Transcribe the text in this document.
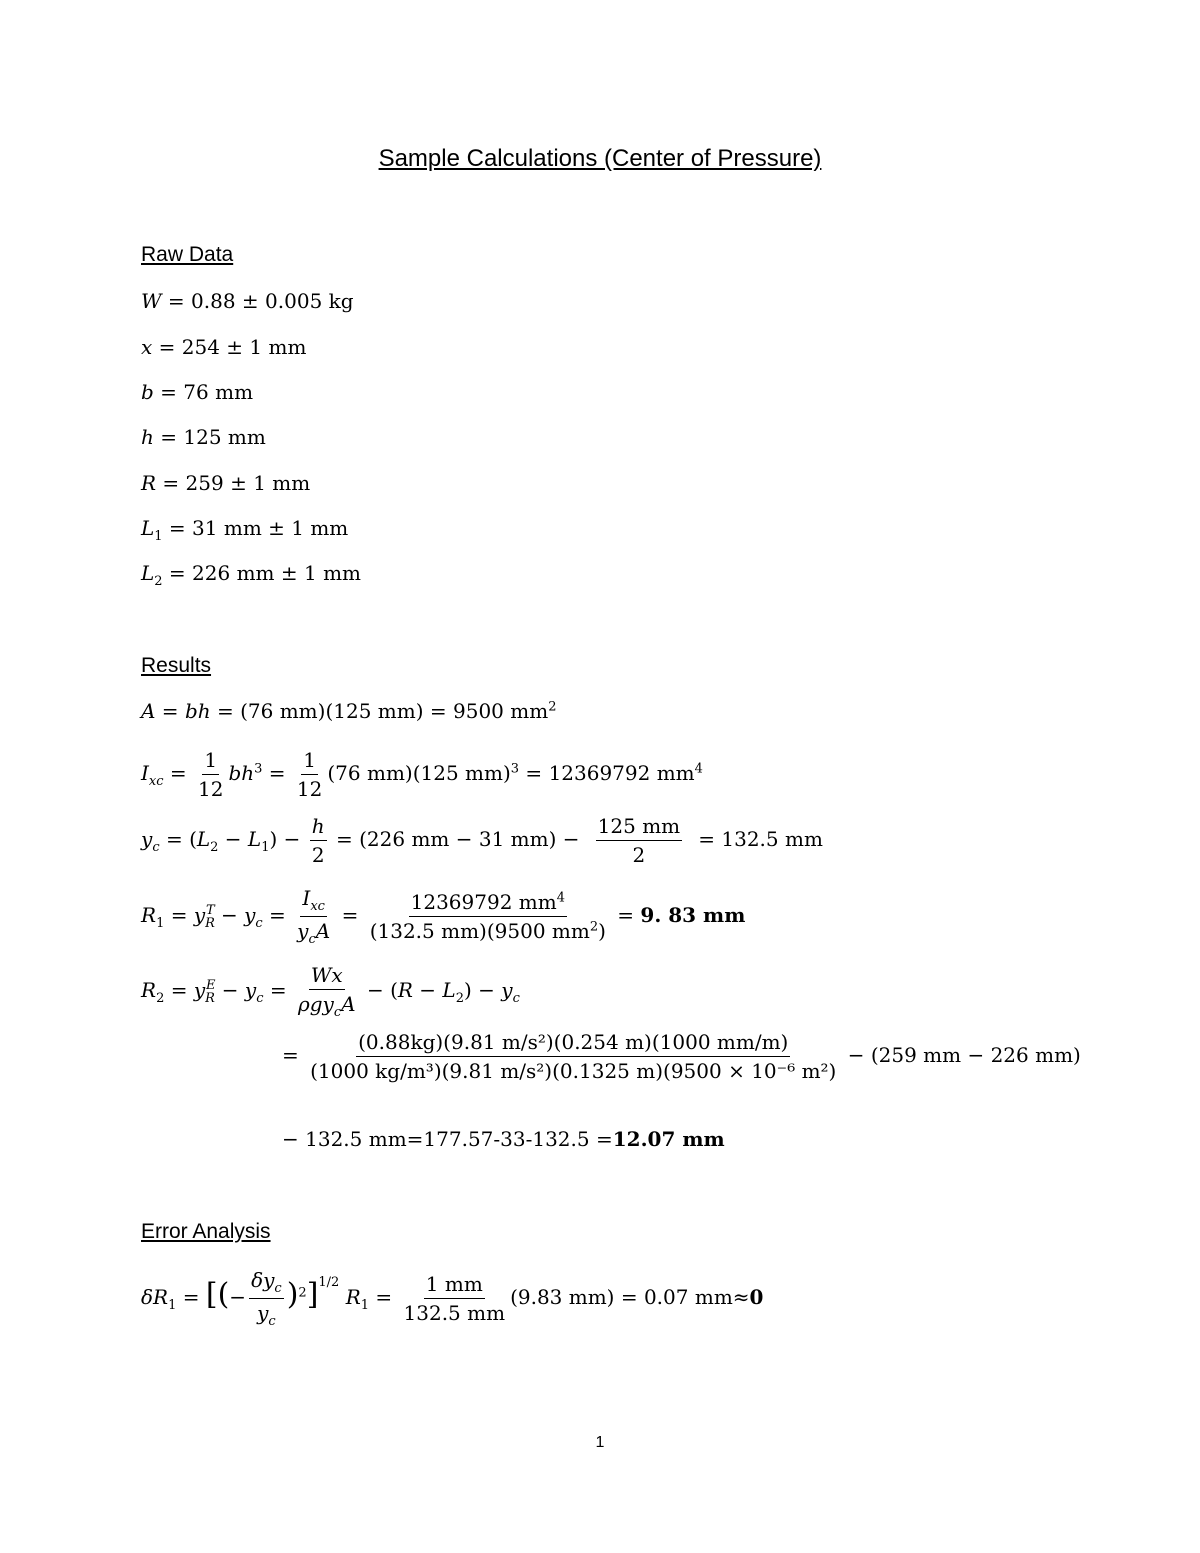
Sample Calculations (Center of Pressure)
Raw Data
W = 0.88 ± 0.005 kg
x = 254 ± 1 mm
b = 76 mm
h = 125 mm
R = 259 ± 1 mm
$L_1 = 31$ mm ± 1 mm
$L_2 = 226$ mm ± 1 mm
Results
A = bh = (76 mm)(125 mm) = 9500 $mm^2$
$I_{xc} = \frac{1}{12} bh^3 = \frac{1}{12} (76$ mm)(125 mm)$^3$ = 12369792 $mm^4$
$y_c = (L_2 - L_1) - \frac{h}{2} = (226$ mm − 31 $mm) - \frac{125 mm}{2} = 132.5$ mm
$R_1 = y_R^T - y_c = \frac{I_{xc}}{y_cA} = \frac{12369792 mm^4}{(132.5 mm)(9500 mm^2)} = 9$. 83 mm
$R_2 = y_R^E - y_c = \frac{Wx}{\rho gy_cA} - (R - L_2) - y_c$
= $\frac{\text{(0.88kg)(9.81 m/s²)(0.254 m)(1000 mm/m)}}{\text{(1000 kg/m³)(9.81 m/s²)(0.1325 m)(9500 × 10⁻⁶ m²)}} - (259$ mm − 226 mm)
− 132.5 mm=177.57-33-132.5 =12.07 mm
Error Analysis
$\delta R_1$ = [(− $\frac{\delta y_c}{y_c} )^2]^{1/2}$ $R_1 = \frac{1 mm}{132.5 mm} (9.83$ mm) = 0.07 mm≈0
1
